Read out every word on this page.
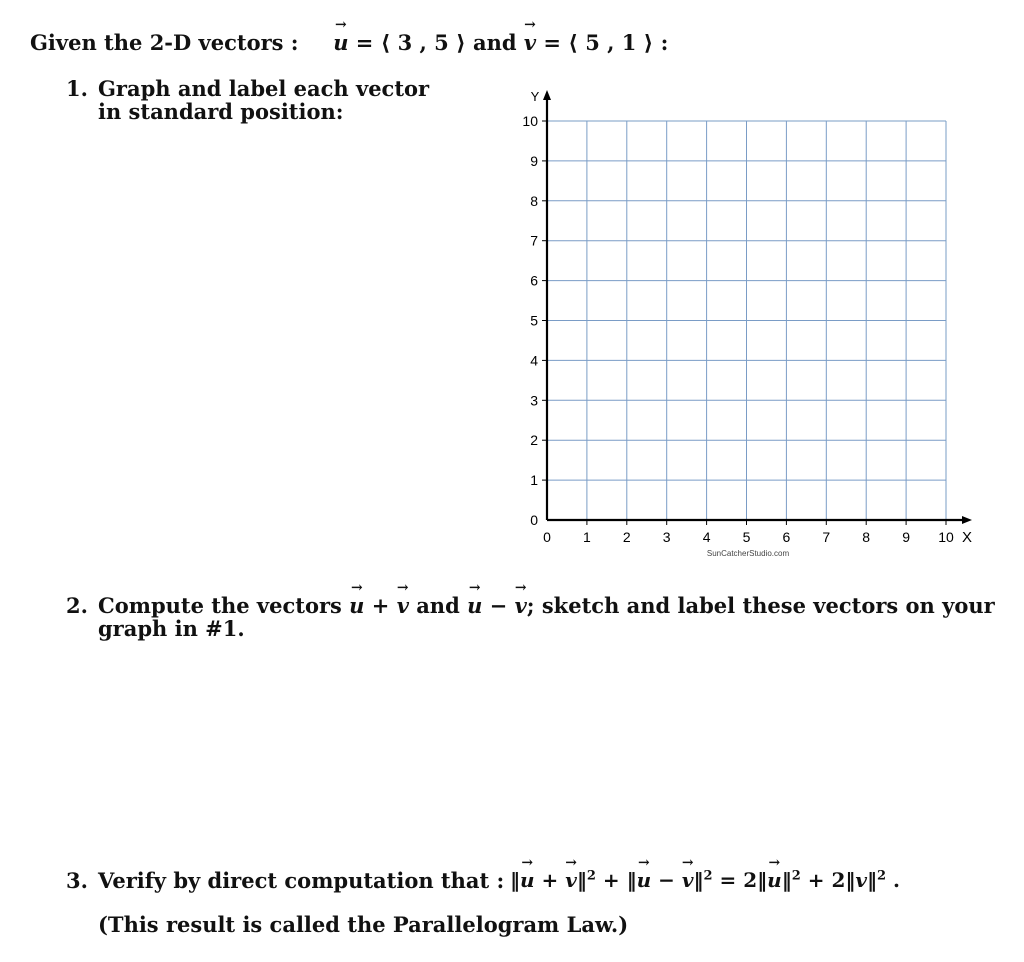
Given the 2-D vectors : → u = ⟨ 3 , 5 ⟩ and → v = ⟨ 5 , 1 ⟩ :
1. Graph and label each vector
in standard position:
0 1 2 3 4 5 6 7 8 9 10
0
1
2
3
4
5
6
7
8
9
10
Y
X
SunCatcherStudio.com
2. Compute the vectors → u + → v and → u − → v; sketch and label these vectors on your
graph in #1.
3. Verify by direct computation that : ‖→ u + → v‖$^2$ + ‖→ u − → v‖$^2$ = 2‖→ u‖$^2$ + 2‖v‖$^2$ .
(This result is called the Parallelogram Law.)
